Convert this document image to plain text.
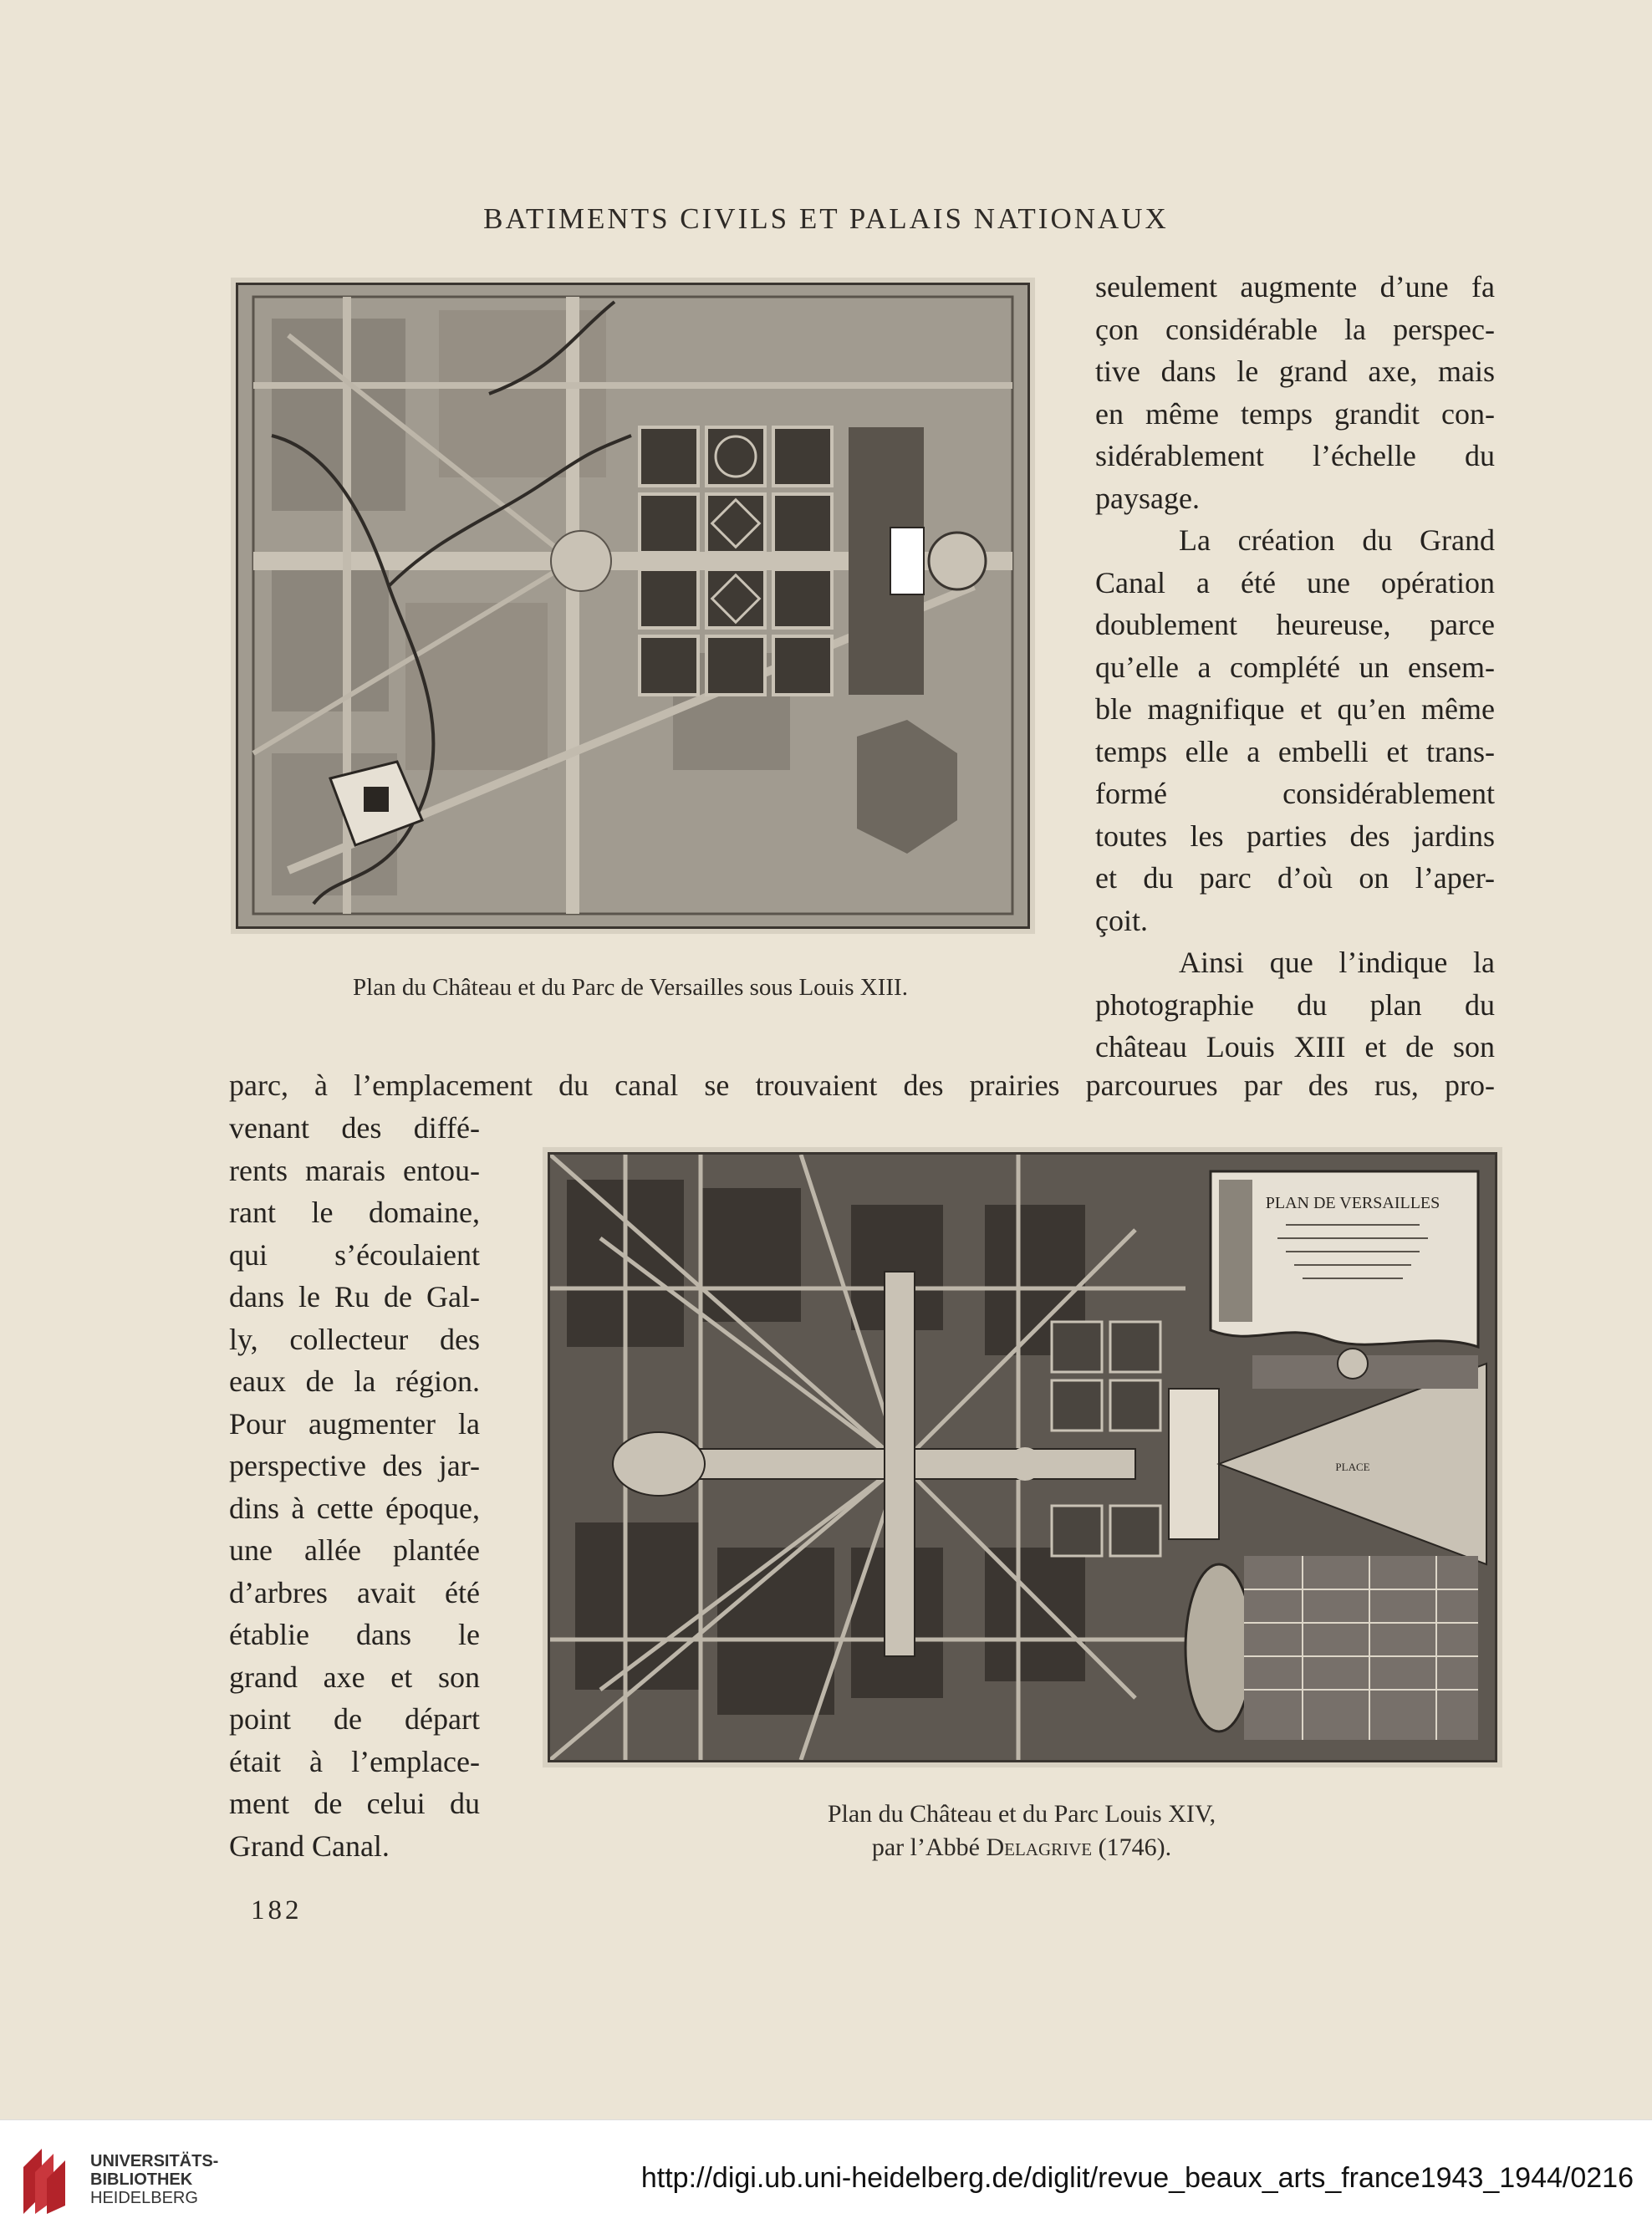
BATIMENTS CIVILS ET PALAIS NATIONAUX
Plan du Château et du Parc de Versailles sous Louis XIII.
seulement augmente d’une fa
çon considérable la perspec-
tive dans le grand axe, mais
en même temps grandit con-
sidérablement l’échelle du
paysage.
La création du Grand
Canal a été une opération
doublement heureuse, parce
qu’elle a complété un ensem-
ble magnifique et qu’en même
temps elle a embelli et trans-
formé considérablement
toutes les parties des jardins
et du parc d’où on l’aper-
çoit.
Ainsi que l’indique la
photographie du plan du
château Louis XIII et de son
parc, à l’emplacement du canal se trouvaient des prairies parcourues par des rus, pro-
venant des diffé-
rents marais entou-
rant le domaine,
qui s’écoulaient
dans le Ru de Gal-
ly, collecteur des
eaux de la région.
Pour augmenter la
perspective des jar-
dins à cette époque,
une allée plantée
d’arbres avait été
établie dans le
grand axe et son
point de départ
était à l’emplace-
ment de celui du
Grand Canal.
PLAN DE VERSAILLES
PLACE
Plan du Château et du Parc Louis XIV,
par l’Abbé Delagrive (1746).
182
UNIVERSITÄTS-
BIBLIOTHEK
HEIDELBERG
http://digi.ub.uni-heidelberg.de/diglit/revue_beaux_arts_france1943_1944/0216
